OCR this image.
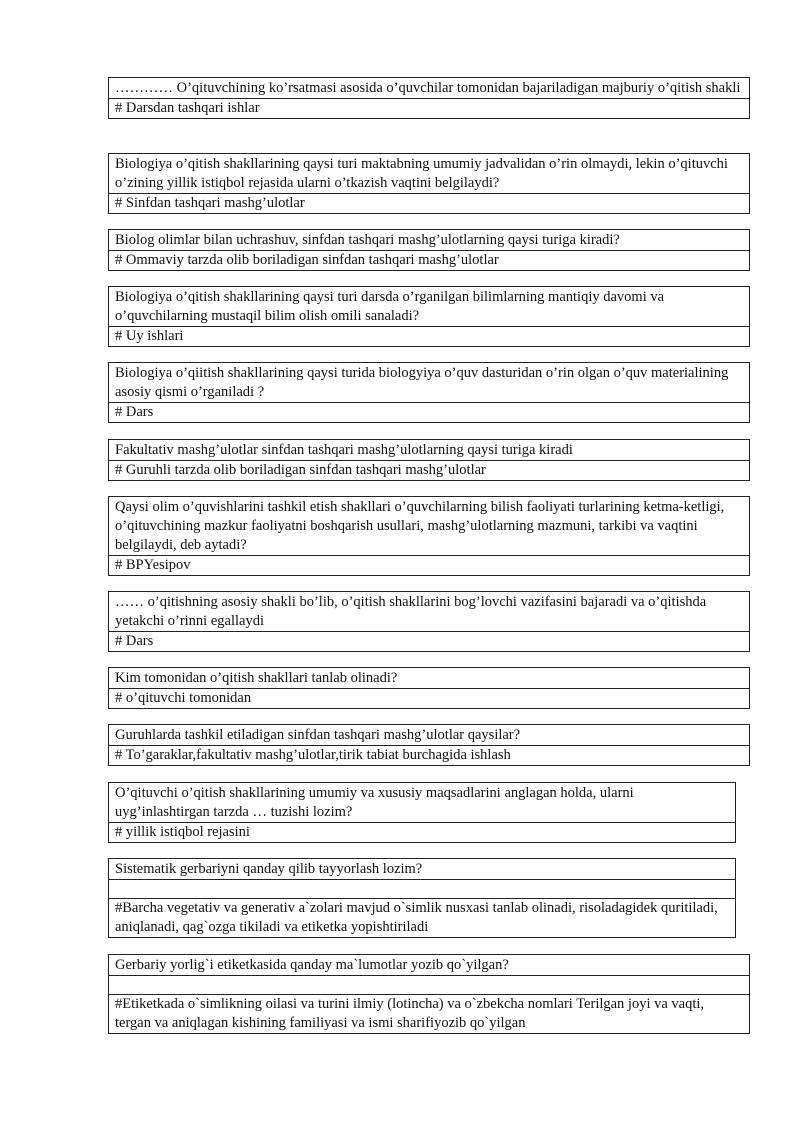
………… O’qituvchining ko’rsatmasi asosida o’quvchilar tomonidan bajariladigan majburiy o’qitish shakli
# Darsdan tashqari ishlar
Biologiya o’qitish shakllarining qaysi turi maktabning umumiy jadvalidan o’rin olmaydi, lekin o’qituvchi o’zining yillik istiqbol rejasida ularni o’tkazish vaqtini belgilaydi?
# Sinfdan tashqari mashg’ulotlar
Biolog olimlar bilan uchrashuv, sinfdan tashqari mashg’ulotlarning qaysi turiga kiradi?
# Ommaviy tarzda olib boriladigan sinfdan tashqari mashg’ulotlar
Biologiya o’qitish shakllarining qaysi turi darsda o’rganilgan bilimlarning mantiqiy davomi va o’quvchilarning mustaqil bilim olish omili sanaladi?
# Uy ishlari
Biologiya o’qiitish shakllarining qaysi turida biologyiya o’quv dasturidan o’rin olgan o’quv materialining asosiy qismi o’rganiladi ?
# Dars
Fakultativ mashg’ulotlar sinfdan tashqari mashg’ulotlarning qaysi turiga kiradi
# Guruhli tarzda olib boriladigan sinfdan tashqari mashg’ulotlar
Qaysi olim o’quvishlarini tashkil etish shakllari o’quvchilarning bilish faoliyati turlarining ketma-ketligi, o’qituvchining mazkur faoliyatni boshqarish usullari, mashg’ulotlarning mazmuni, tarkibi va vaqtini belgilaydi, deb aytadi?
# BPYesipov
…… o’qitishning asosiy shakli bo’lib, o’qitish shakllarini bog’lovchi vazifasini bajaradi va o’qitishda yetakchi o’rinni egallaydi
# Dars
Kim tomonidan o’qitish shakllari tanlab olinadi?
# o’qituvchi tomonidan
Guruhlarda tashkil etiladigan sinfdan tashqari mashg’ulotlar qaysilar?
# To’garaklar,fakultativ mashg’ulotlar,tirik tabiat burchagida ishlash
O’qituvchi o’qitish shakllarining umumiy va xususiy maqsadlarini anglagan holda, ularni uyg’inlashtirgan tarzda … tuzishi lozim?
# yillik istiqbol rejasini
Sistematik gerbariyni qanday qilib tayyorlash lozim?
#Barcha vegetativ va generativ a`zolari mavjud o`simlik nusxasi tanlab olinadi, risoladagidek quritiladi, aniqlanadi, qag`ozga tikiladi va etiketka yopishtiriladi
Gerbariy yorlig`i etiketkasida qanday ma`lumotlar yozib qo`yilgan?
#Etiketkada o`simlikning oilasi va turini ilmiy (lotincha) va o`zbekcha nomlari Terilgan joyi va vaqti, tergan va aniqlagan kishining familiyasi va ismi sharifiyozib qo`yilgan
